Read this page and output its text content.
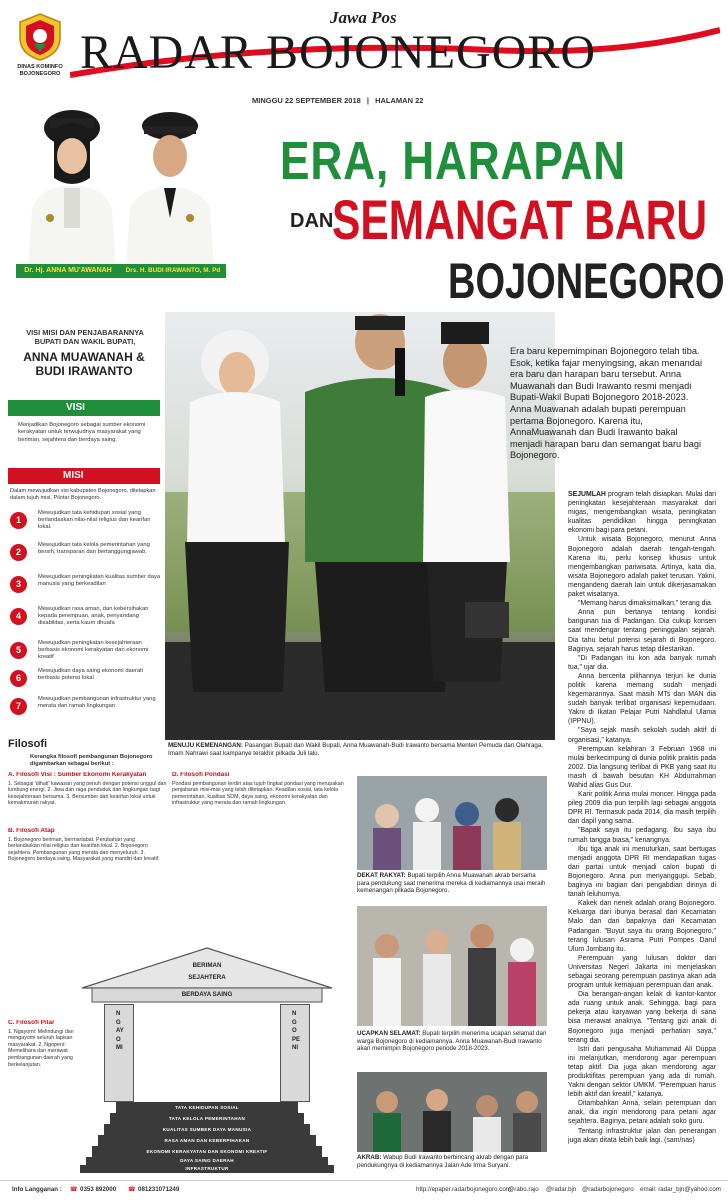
DINAS KOMINFO
BOJONEGORO
Jawa Pos
RADAR BOJONEGORO
MINGGU 22 SEPTEMBER 2018 | HALAMAN 22
Dr. Hj. ANNA MU'AWANAH	Drs. H. BUDI IRAWANTO, M. Pd
ERA, HARAPAN
DAN
SEMANGAT BARU
BOJONEGORO
VISI MISI DAN PENJABARANNYA BUPATI DAN WAKIL BUPATI,
ANNA MUAWANAH & BUDI IRAWANTO
VISI
Menjadikan Bojonegoro sebagai sumber ekonomi kerakyatan untuk terwujudnya masyarakat yang beriman, sejahtera dan berdaya saing.
MISI
Dalam mewujudkan visi kabupaten Bojonegoro, ditetapkan dalam tujuh misi, Pilotar Bojonegoro.
1
Mewujudkan tata kehidupan sosial yang berlandaskan nilai-nilai religius dan kearifan lokal.
2
Mewujudkan tata kelola pemerintahan yang bersih, transparan dan bertanggungjawab.
3
Mewujudkan peningkatan kualitas sumber daya manusia yang berkeadilan
4
Mewujudkan rasa aman, dan kebersihakan kepada perempuan, anak, penyandang disabilitas, serta kaum dhuafa
5
Mewujudkan peningkatan kesejahteraan berbasis ekonomi kerakyatan dan ekonomi kreatif
6
Mewujudkan daya saing ekonomi daerah berbasis potensi lokal
7
Mewujudkan pembangunan infrastruktur yang merata dan ramah lingkungan
MENUJU KEMENANGAN: Pasangan Bupati dan Wakil Bupati, Anna Muawanah-Budi Irawanto bersama Menteri Pemuda dan Olahraga, Imam Nahrawi saat kampanye terakhir pilkada Juli lalu.
Era baru kepemimpinan Bojonegoro telah tiba. Esok, ketika fajar menyingsing, akan menandai era baru dan harapan baru tersebut. Anna Muawanah dan Budi Irawanto resmi menjadi Bupati-Wakil Bupati Bojonegoro 2018-2023. Anna Muawanah adalah bupati perempuan pertama Bojonegoro. Karena itu, AnnaMuawanah dan Budi Irawanto bakal menjadi harapan baru dan semangat baru bagi Bojonegoro.

SEJUMLAH program telah disiapkan. Mulai dari peningkatan kesejahteraan masyarakat dari migas, mengembangkan wisata, peningkatan kualitas pendidikan hingga peningkatan ekonomi bagi para petani.

Untuk wisata Bojonegoro, menurut Anna Bojonegoro adalah daerah tengah-tengah. Karena itu, perlu konsep khusus untuk mengembangkan pariwisata. Artinya, kata dia, wisata Bojonegoro adalah paket terusan. Yakni, mengandeng daerah lain untuk dikerjasamakan paket wisatanya.

"Memang harus dimaksimalkan," terang dia.

Anna pun bertanya tentang kondisi bangunan tua di Padangan. Dia cukup konsen saat mendengar tentang peninggalan sejarah. Dia tahu betul potensi sejarah di Bojonegoro. Baginya, sejarah harus tetap dilestarikan.

"Di Padangan itu kon ada banyak rumah tua," ujar dia.

Anna bercerita pilihannya terjun ke dunia politik karena memang sudah menjadi kegemarannya. Saat masih MTs dan MAN dia sudah banyak terlibat organisasi kepemudaan. Yakni di Ikatan Pelajar Putri Nahdlatul Ulama (IPPNU).

"Saya sejak masih sekolah sudah aktif di organisasi," katanya.

Perempuan kelahiran 3 Februari 1968 ini mulai berkecimpung di dunia politik praktis pada 2002. Dia langsung terlibat di PKB yang saat itu masih di bawah besutan KH Abdurrahman Wahid alias Gus Dur.

Karir politik Anna mulai moncer. Hingga pada pileg 2009 dia pun terpilih lagi sebagai anggota DPR RI. Termasuk pada 2014, dia masih terpilih dan dapil yang sama.

"Bapak saya itu pedagang. Ibu saya ibu rumah tangga biasa," kenangnya.

Ibu tiga anak ini menuturkan, saat bertugas menjadi anggota DPR RI mendapatkan tugas dari partai untuk menjadi calon bupati di Bojonegoro. Anna pun menyanggupi. Sebab, baginya ini bagian dari pengabdian dirinya di tanah leluhurnya.

Kakek dan nenek adalah orang Bojonegoro. Keluarga dari ibunya berasal dari Kecamatan Malo dan dari bapaknya dari Kecamatan Padangan. "Buyut saya itu orang Bojonegoro," terang lulusan Asrama Putri Pompes Darul Ulum Jombang itu.

Perempuan yang lulusan doktor dari Universitas Negeri Jakarta ini menjelaskan sebagai seorang perempuan pastinya akan ada program untuk kemajuan perempuan dan anak.

Dia berangan-angan kelak di kantor-kantor ada ruang untuk anak. Sehingga, bagi para pekerja atau karyawan yang bekerja di sana bisa merawat anaknya. "Tentang gizi anak di Bojonegoro juga menjadi perhatian saya," terang dia.

Istri dari pengusaha Muhammad Ali Duppa ini melanjutkan, mendorong agar perempuan tetap aktif. Dia juga akan mendorong agar produktifitas perempuan yang ada di rumah. Yakni dengan sektor UMKM. "Perempuan harus lebih aktif dan kreatif," katanya.

Ditambahkan Anna, selain perempuan dan anak, dia ingin mendorong para petani agar sejahtera. Baginya, petani adalah soko guru.

Tentang infrastruktur jalan dan penerangan juga akan ditata lebih baik lagi. (sam/nas)

Filosofi
Kerangka filosofi pembangunan Bojonegoro digambarkan sebagai berikut :
A. Filosofi Visi : Sumber Ekonomi Kerakyatan
1. Sebagai 'dihati' kawasan yang penuh dengan potensi unggul dan lumbung energi. 2. Jiwa dan raga penduduk dan lingkungan bagi kesejahteraan bersama. 3. Bersumber dari kearifan lokal untuk kemakmuran rakyat.
B. Filosofi Atap
1. Bojonegoro beriman, bermartabat. Perubahan yang berlandaskan nilai religius dan kearifan lokal. 2. Bojonegoro sejahtera. Pembangunan yang merata dan menyeluruh. 3. Bojonegoro berdaya saing. Masyarakat yang mandiri dan kreatif.
C. Filosofi Pilar
1. Ngayomi: Melindungi dan mengayomi seluruh lapisan masyarakat. 2. Ngopeni: Memelihara dan merawat pembangunan daerah yang berkelanjutan.
D. Filosofi Pondasi
Pondasi pembangunan terdiri atas tujuh tingkat pondasi yang merupakan penjabaran misi-misi yang telah ditetapkan. Keadilan sosial, tata kelola pemerintahan, kualitas SDM, daya saing, ekonomi kerakyatan dan infrastruktur yang merata dan ramah lingkungan.
BERIMAN
SEJAHTERA
BERDAYA SAING
NGAYOMI
NGOPENI
TATA KEHIDUPAN SOSIAL
TATA KELOLA PEMERINTAHAN
KUALITAS SUMBER DAYA MANUSIA
RASA AMAN DAN KEBERPIHAKAN
EKONOMI KERAKYATAN DAN EKONOMI KREATIF
DAYA SAING DAERAH
INFRASTRUKTUR
DEKAT RAKYAT: Bupati terpilih Anna Muawanah akrab bersama para pendukung saat menerima mereka di kediamannya usai meraih kemenangan pilkada Bojonegoro.
UCAPKAN SELAMAT: Bupati terpilih menerima ucapan selamat dari warga Bojonegoro di kediamannya. Anna Muawanah-Budi Irawanto akan memimpin Bojonegoro periode 2018-2023.
AKRAB: Wabup Budi Irawanto berbincang akrab dengan para pendukungnya di kediamannya Jalan Ade Irma Suryani.
Info Langganan : ☎ 0353 892000 ☎ 081231071249	http://epaper.radarbojonegoro.com
@rabo.rajo @radar.bjn @radarbojonegoro email: radar_bjn@yahoo.com
